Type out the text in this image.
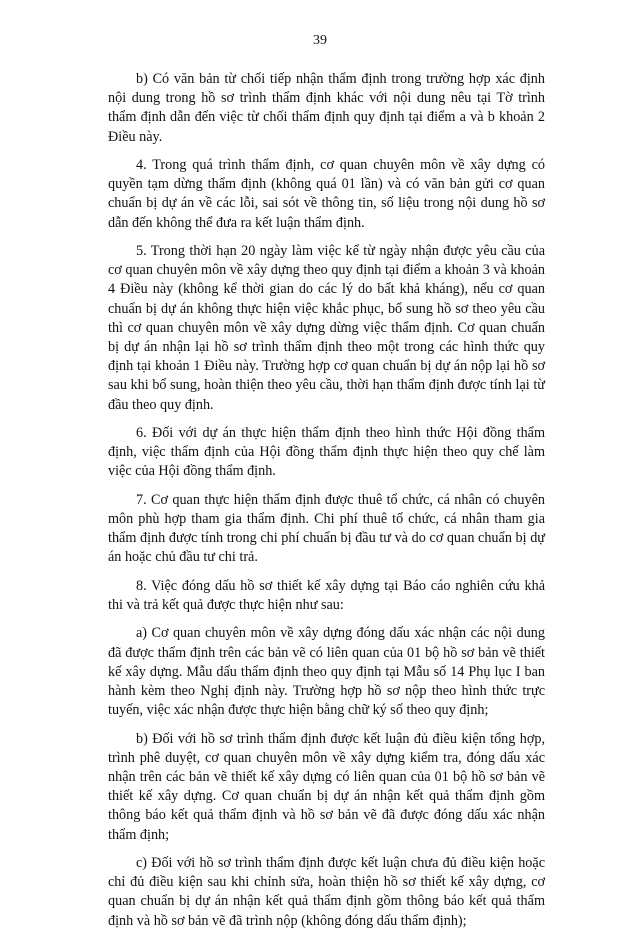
39

b) Có văn bản từ chối tiếp nhận thẩm định trong trường hợp xác định nội dung trong hồ sơ trình thẩm định khác với nội dung nêu tại Tờ trình thẩm định dẫn đến việc từ chối thẩm định quy định tại điểm a và b khoản 2 Điều này.

4. Trong quá trình thẩm định, cơ quan chuyên môn về xây dựng có quyền tạm dừng thẩm định (không quá 01 lần) và có văn bản gửi cơ quan chuẩn bị dự án về các lỗi, sai sót về thông tin, số liệu trong nội dung hồ sơ dẫn đến không thể đưa ra kết luận thẩm định.

5. Trong thời hạn 20 ngày làm việc kể từ ngày nhận được yêu cầu của cơ quan chuyên môn về xây dựng theo quy định tại điểm a khoản 3 và khoản 4 Điều này (không kể thời gian do các lý do bất khả kháng), nếu cơ quan chuẩn bị dự án không thực hiện việc khắc phục, bổ sung hồ sơ theo yêu cầu thì cơ quan chuyên môn về xây dựng dừng việc thẩm định. Cơ quan chuẩn bị dự án nhận lại hồ sơ trình thẩm định theo một trong các hình thức quy định tại khoản 1 Điều này. Trường hợp cơ quan chuẩn bị dự án nộp lại hồ sơ sau khi bổ sung, hoàn thiện theo yêu cầu, thời hạn thẩm định được tính lại từ đầu theo quy định.

6. Đối với dự án thực hiện thẩm định theo hình thức Hội đồng thẩm định, việc thẩm định của Hội đồng thẩm định thực hiện theo quy chế làm việc của Hội đồng thẩm định.

7. Cơ quan thực hiện thẩm định được thuê tổ chức, cá nhân có chuyên môn phù hợp tham gia thẩm định. Chi phí thuê tổ chức, cá nhân tham gia thẩm định được tính trong chi phí chuẩn bị đầu tư và do cơ quan chuẩn bị dự án hoặc chủ đầu tư chi trả.

8. Việc đóng dấu hồ sơ thiết kế xây dựng tại Báo cáo nghiên cứu khả thi và trả kết quả được thực hiện như sau:

a) Cơ quan chuyên môn về xây dựng đóng dấu xác nhận các nội dung đã được thẩm định trên các bản vẽ có liên quan của 01 bộ hồ sơ bản vẽ thiết kế xây dựng. Mẫu dấu thẩm định theo quy định tại Mẫu số 14 Phụ lục I ban hành kèm theo Nghị định này. Trường hợp hồ sơ nộp theo hình thức trực tuyến, việc xác nhận được thực hiện bằng chữ ký số theo quy định;

b) Đối với hồ sơ trình thẩm định được kết luận đủ điều kiện tổng hợp, trình phê duyệt, cơ quan chuyên môn về xây dựng kiểm tra, đóng dấu xác nhận trên các bản vẽ thiết kế xây dựng có liên quan của 01 bộ hồ sơ bản vẽ thiết kế xây dựng. Cơ quan chuẩn bị dự án nhận kết quả thẩm định gồm thông báo kết quả thẩm định và hồ sơ bản vẽ đã được đóng dấu xác nhận thẩm định;

c) Đối với hồ sơ trình thẩm định được kết luận chưa đủ điều kiện hoặc chỉ đủ điều kiện sau khi chỉnh sửa, hoàn thiện hồ sơ thiết kế xây dựng, cơ quan chuẩn bị dự án nhận kết quả thẩm định gồm thông báo kết quả thẩm định và hồ sơ bản vẽ đã trình nộp (không đóng dấu thẩm định);
